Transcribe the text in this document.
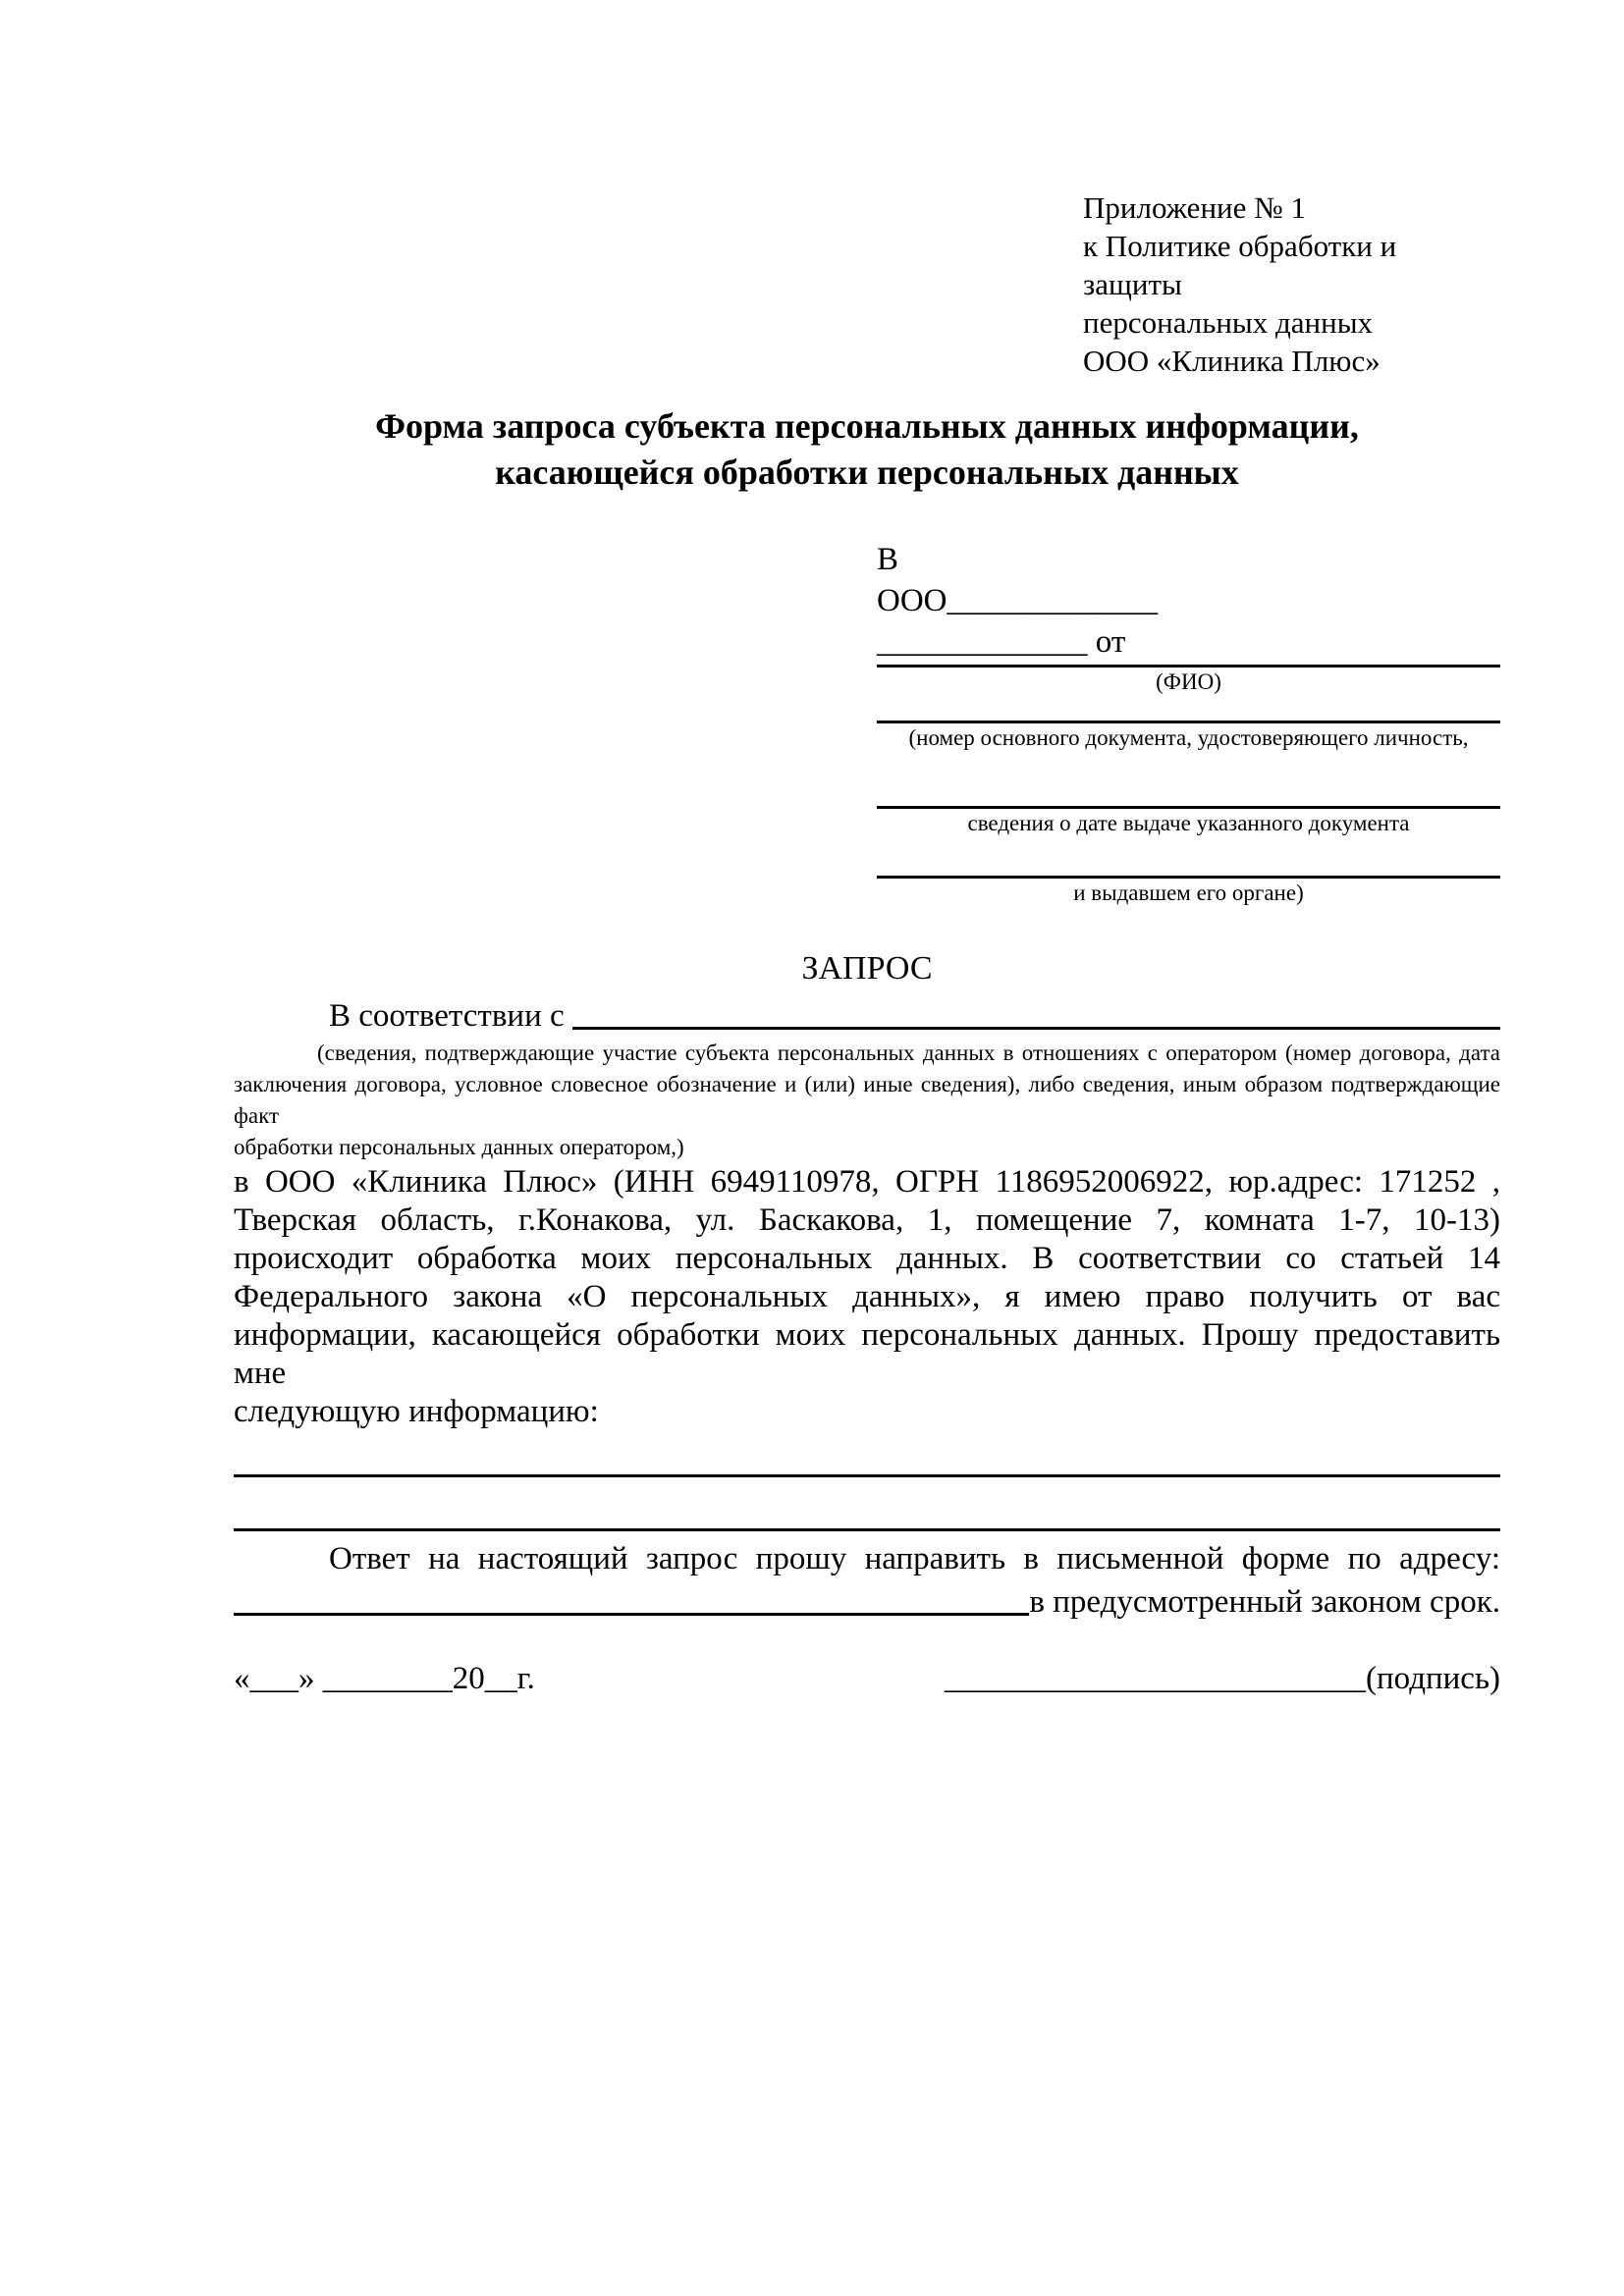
Приложение № 1
к Политике обработки и защиты
персональных данных
ООО «Клиника Плюс»
Форма запроса субъекта персональных данных информации,
касающейся обработки персональных данных
В
ООО_____________
_____________ от
(ФИО)
(номер основного документа, удостоверяющего личность,
сведения о дате выдаче указанного документа
и выдавшем его органе)
ЗАПРОС
В соответствии с
(сведения, подтверждающие участие субъекта персональных данных в отношениях с оператором (номер договора, дата
заключения договора, условное словесное обозначение и (или) иные сведения), либо сведения, иным образом подтверждающие факт
обработки персональных данных оператором,)
в ООО «Клиника Плюс» (ИНН 6949110978, ОГРН 1186952006922, юр.адрес: 171252 ,
Тверская область, г.Конакова, ул. Баскакова, 1, помещение 7, комната 1-7, 10-13)
происходит обработка моих персональных данных. В соответствии со статьей 14
Федерального закона «О персональных данных», я имею право получить от вас
информации, касающейся обработки моих персональных данных. Прошу предоставить мне
следующую информацию:
Ответ на настоящий запрос прошу направить в письменной форме по адресу:
в предусмотренный законом срок.
«___» ________20__г.	__________________________(подпись)
